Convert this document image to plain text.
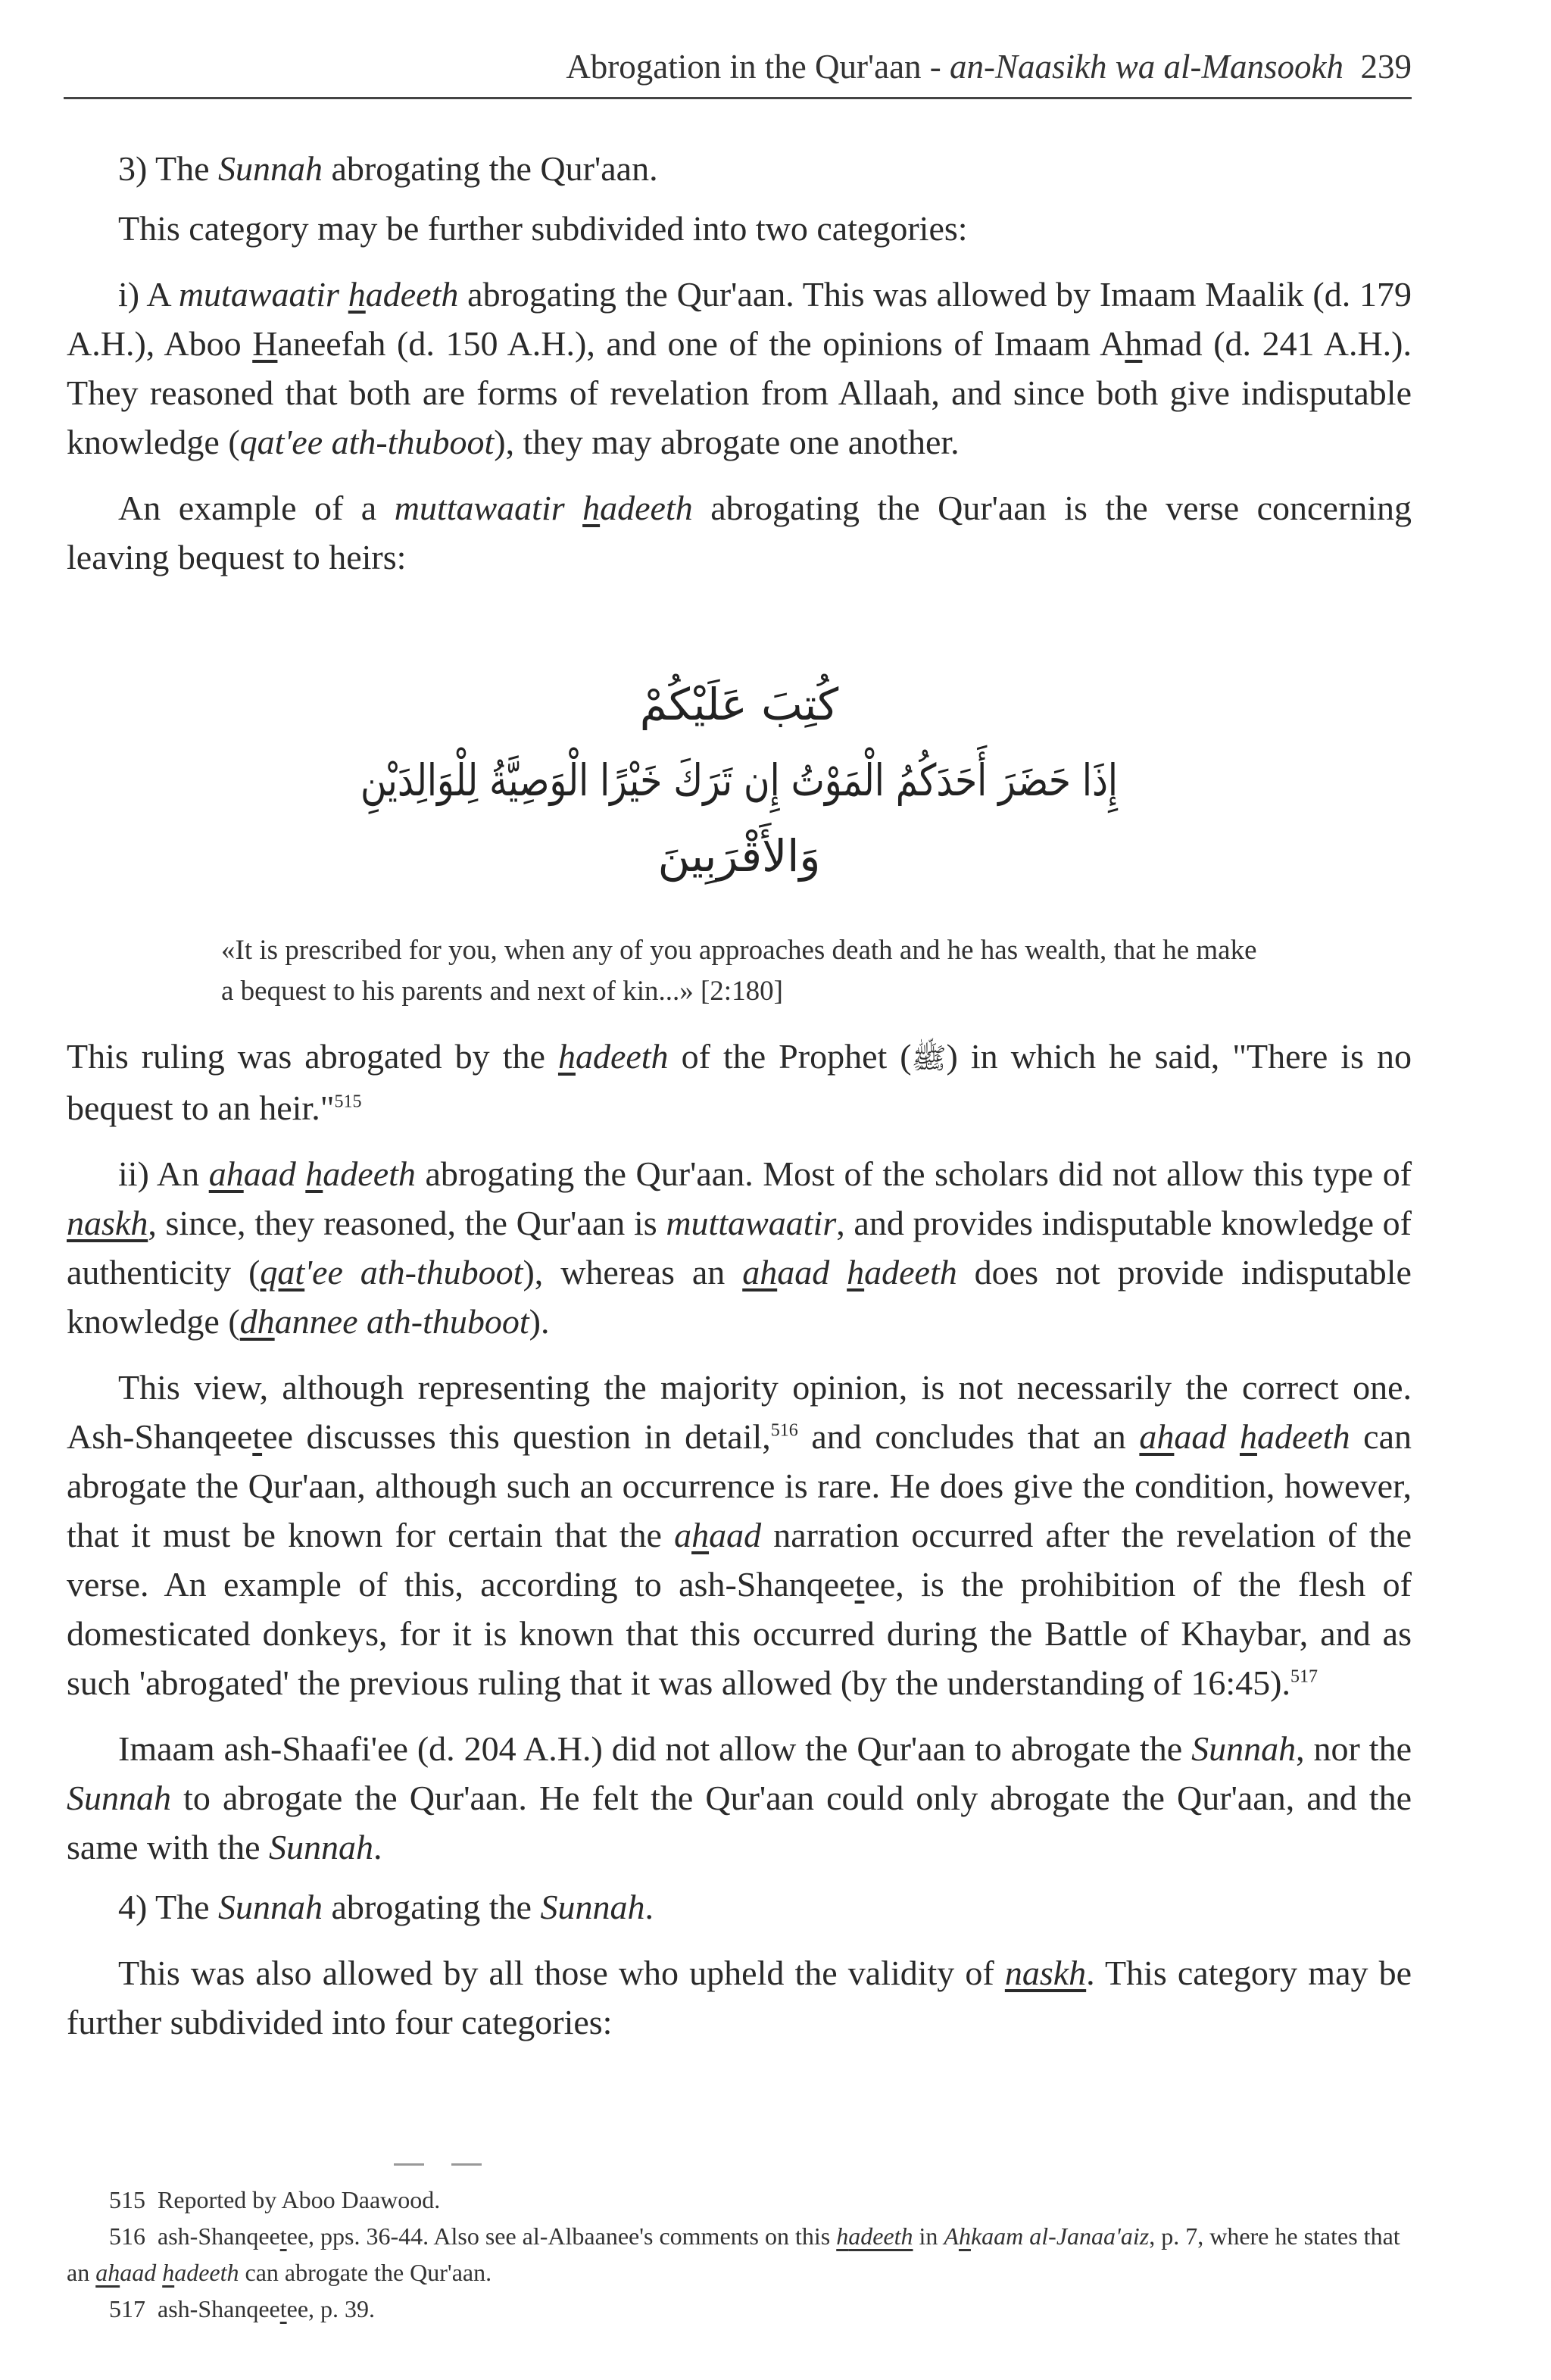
Abrogation in the Qur'aan - an-Naasikh wa al-Mansookh 239

3) The Sunnah abrogating the Qur'aan.

This category may be further subdivided into two categories:

i) A mutawaatir hadeeth abrogating the Qur'aan. This was allowed by Imaam Maalik (d. 179 A.H.), Aboo Haneefah (d. 150 A.H.), and one of the opinions of Imaam Ahmad (d. 241 A.H.). They reasoned that both are forms of revelation from Allaah, and since both give indisputable knowledge (qat'ee ath-thuboot), they may abrogate one another.

An example of a muttawaatir hadeeth abrogating the Qur'aan is the verse concerning leaving bequest to heirs:

كُتِبَ عَلَيْكُمْ
إِذَا حَضَرَ أَحَدَكُمُ الْمَوْتُ إِن تَرَكَ خَيْرًا الْوَصِيَّةُ لِلْوَالِدَيْنِ
وَالأَقْرَبِينَ
«It is prescribed for you, when any of you approaches death and he has wealth, that he make a bequest to his parents and next of kin...» [2:180]

This ruling was abrogated by the hadeeth of the Prophet (ﷺ) in which he said, "There is no bequest to an heir."$^{515}$

ii) An ahaad hadeeth abrogating the Qur'aan. Most of the scholars did not allow this type of naskh, since, they reasoned, the Qur'aan is muttawaatir, and provides indisputable knowledge of authenticity (qat'ee ath-thuboot), whereas an ahaad hadeeth does not provide indisputable knowledge (dhannee ath-thuboot).

This view, although representing the majority opinion, is not necessarily the correct one. Ash-Shanqeetee discusses this question in detail,$^{516}$ and concludes that an ahaad hadeeth can abrogate the Qur'aan, although such an occurrence is rare. He does give the condition, however, that it must be known for certain that the ahaad narration occurred after the revelation of the verse. An example of this, according to ash-Shanqeetee, is the prohibition of the flesh of domesticated donkeys, for it is known that this occurred during the Battle of Khaybar, and as such 'abrogated' the previous ruling that it was allowed (by the understanding of 16:45).$^{517}$

Imaam ash-Shaafi'ee (d. 204 A.H.) did not allow the Qur'aan to abrogate the Sunnah, nor the Sunnah to abrogate the Qur'aan. He felt the Qur'aan could only abrogate the Qur'aan, and the same with the Sunnah.

4) The Sunnah abrogating the Sunnah.

This was also allowed by all those who upheld the validity of naskh. This category may be further subdivided into four categories:

515 Reported by Aboo Daawood.

516 ash-Shanqeetee, pps. 36-44. Also see al-Albaanee's comments on this hadeeth in Ahkaam al-Janaa'aiz, p. 7, where he states that an ahaad hadeeth can abrogate the Qur'aan.

517 ash-Shanqeetee, p. 39.
